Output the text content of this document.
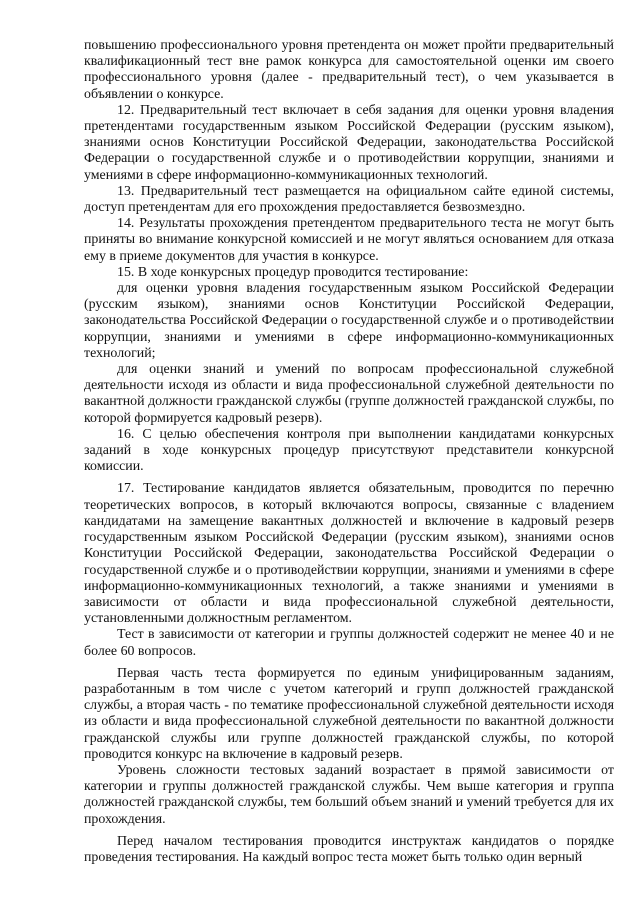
повышению профессионального уровня претендента он может пройти предварительный квалификационный тест вне рамок конкурса для самостоятельной оценки им своего профессионального уровня (далее - предварительный тест), о чем указывается в объявлении о конкурсе.

12. Предварительный тест включает в себя задания для оценки уровня владения претендентами государственным языком Российской Федерации (русским языком), знаниями основ Конституции Российской Федерации, законодательства Российской Федерации о государственной службе и о противодействии коррупции, знаниями и умениями в сфере информационно-коммуникационных технологий.

13. Предварительный тест размещается на официальном сайте единой системы, доступ претендентам для его прохождения предоставляется безвозмездно.

14. Результаты прохождения претендентом предварительного теста не могут быть приняты во внимание конкурсной комиссией и не могут являться основанием для отказа ему в приеме документов для участия в конкурсе.

15. В ходе конкурсных процедур проводится тестирование:

для оценки уровня владения государственным языком Российской Федерации (русским языком), знаниями основ Конституции Российской Федерации, законодательства Российской Федерации о государственной службе и о противодействии коррупции, знаниями и умениями в сфере информационно-коммуникационных технологий;

для оценки знаний и умений по вопросам профессиональной служебной деятельности исходя из области и вида профессиональной служебной деятельности по вакантной должности гражданской службы (группе должностей гражданской службы, по которой формируется кадровый резерв).

16. С целью обеспечения контроля при выполнении кандидатами конкурсных заданий в ходе конкурсных процедур присутствуют представители конкурсной комиссии.

17. Тестирование кандидатов является обязательным, проводится по перечню теоретических вопросов, в который включаются вопросы, связанные с владением кандидатами на замещение вакантных должностей и включение в кадровый резерв государственным языком Российской Федерации (русским языком), знаниями основ Конституции Российской Федерации, законодательства Российской Федерации о государственной службе и о противодействии коррупции, знаниями и умениями в сфере информационно-коммуникационных технологий, а также знаниями и умениями в зависимости от области и вида профессиональной служебной деятельности, установленными должностным регламентом.

Тест в зависимости от категории и группы должностей содержит не менее 40 и не более 60 вопросов.

Первая часть теста формируется по единым унифицированным заданиям, разработанным в том числе с учетом категорий и групп должностей гражданской службы, а вторая часть - по тематике профессиональной служебной деятельности исходя из области и вида профессиональной служебной деятельности по вакантной должности гражданской службы или группе должностей гражданской службы, по которой проводится конкурс на включение в кадровый резерв.

Уровень сложности тестовых заданий возрастает в прямой зависимости от категории и группы должностей гражданской службы. Чем выше категория и группа должностей гражданской службы, тем больший объем знаний и умений требуется для их прохождения.

Перед началом тестирования проводится инструктаж кандидатов о порядке проведения тестирования. На каждый вопрос теста может быть только один верный
